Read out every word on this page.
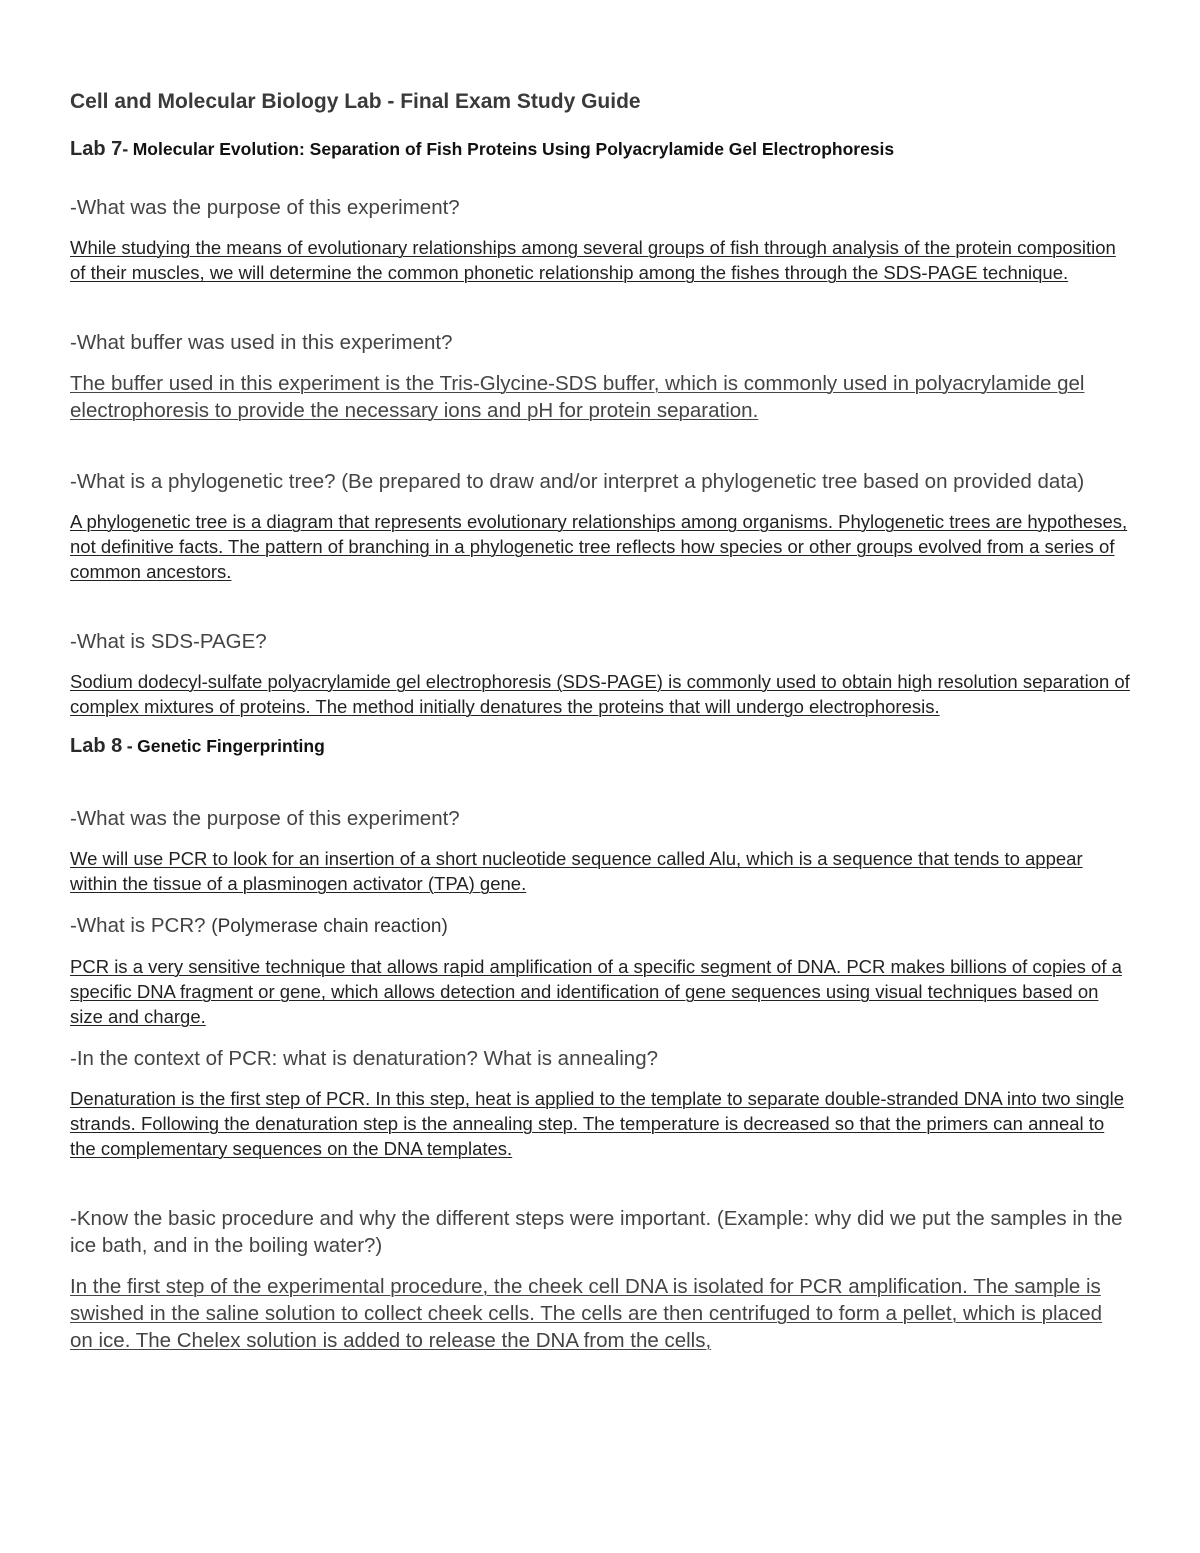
Cell and Molecular Biology Lab - Final Exam Study Guide
Lab 7- Molecular Evolution: Separation of Fish Proteins Using Polyacrylamide Gel Electrophoresis

-What was the purpose of this experiment?

While studying the means of evolutionary relationships among several groups of fish through analysis of the protein composition of their muscles, we will determine the common phonetic relationship among the fishes through the SDS-PAGE technique.

-What buffer was used in this experiment?

The buffer used in this experiment is the Tris-Glycine-SDS buffer, which is commonly used in polyacrylamide gel electrophoresis to provide the necessary ions and pH for protein separation.

-What is a phylogenetic tree? (Be prepared to draw and/or interpret a phylogenetic tree based on provided data)

A phylogenetic tree is a diagram that represents evolutionary relationships among organisms. Phylogenetic trees are hypotheses, not definitive facts. The pattern of branching in a phylogenetic tree reflects how species or other groups evolved from a series of common ancestors.

-What is SDS-PAGE?

Sodium dodecyl-sulfate polyacrylamide gel electrophoresis (SDS-PAGE) is commonly used to obtain high resolution separation of complex mixtures of proteins. The method initially denatures the proteins that will undergo electrophoresis.

Lab 8 - Genetic Fingerprinting

-What was the purpose of this experiment?

We will use PCR to look for an insertion of a short nucleotide sequence called Alu, which is a sequence that tends to appear within the tissue of a plasminogen activator (TPA) gene.

-What is PCR? (Polymerase chain reaction)

PCR is a very sensitive technique that allows rapid amplification of a specific segment of DNA. PCR makes billions of copies of a specific DNA fragment or gene, which allows detection and identification of gene sequences using visual techniques based on size and charge.

-In the context of PCR: what is denaturation? What is annealing?

Denaturation is the first step of PCR. In this step, heat is applied to the template to separate double-stranded DNA into two single strands. Following the denaturation step is the annealing step. The temperature is decreased so that the primers can anneal to the complementary sequences on the DNA templates.

-Know the basic procedure and why the different steps were important. (Example: why did we put the samples in the ice bath, and in the boiling water?)

In the first step of the experimental procedure, the cheek cell DNA is isolated for PCR amplification. The sample is swished in the saline solution to collect cheek cells. The cells are then centrifuged to form a pellet, which is placed on ice. The Chelex solution is added to release the DNA from the cells,
